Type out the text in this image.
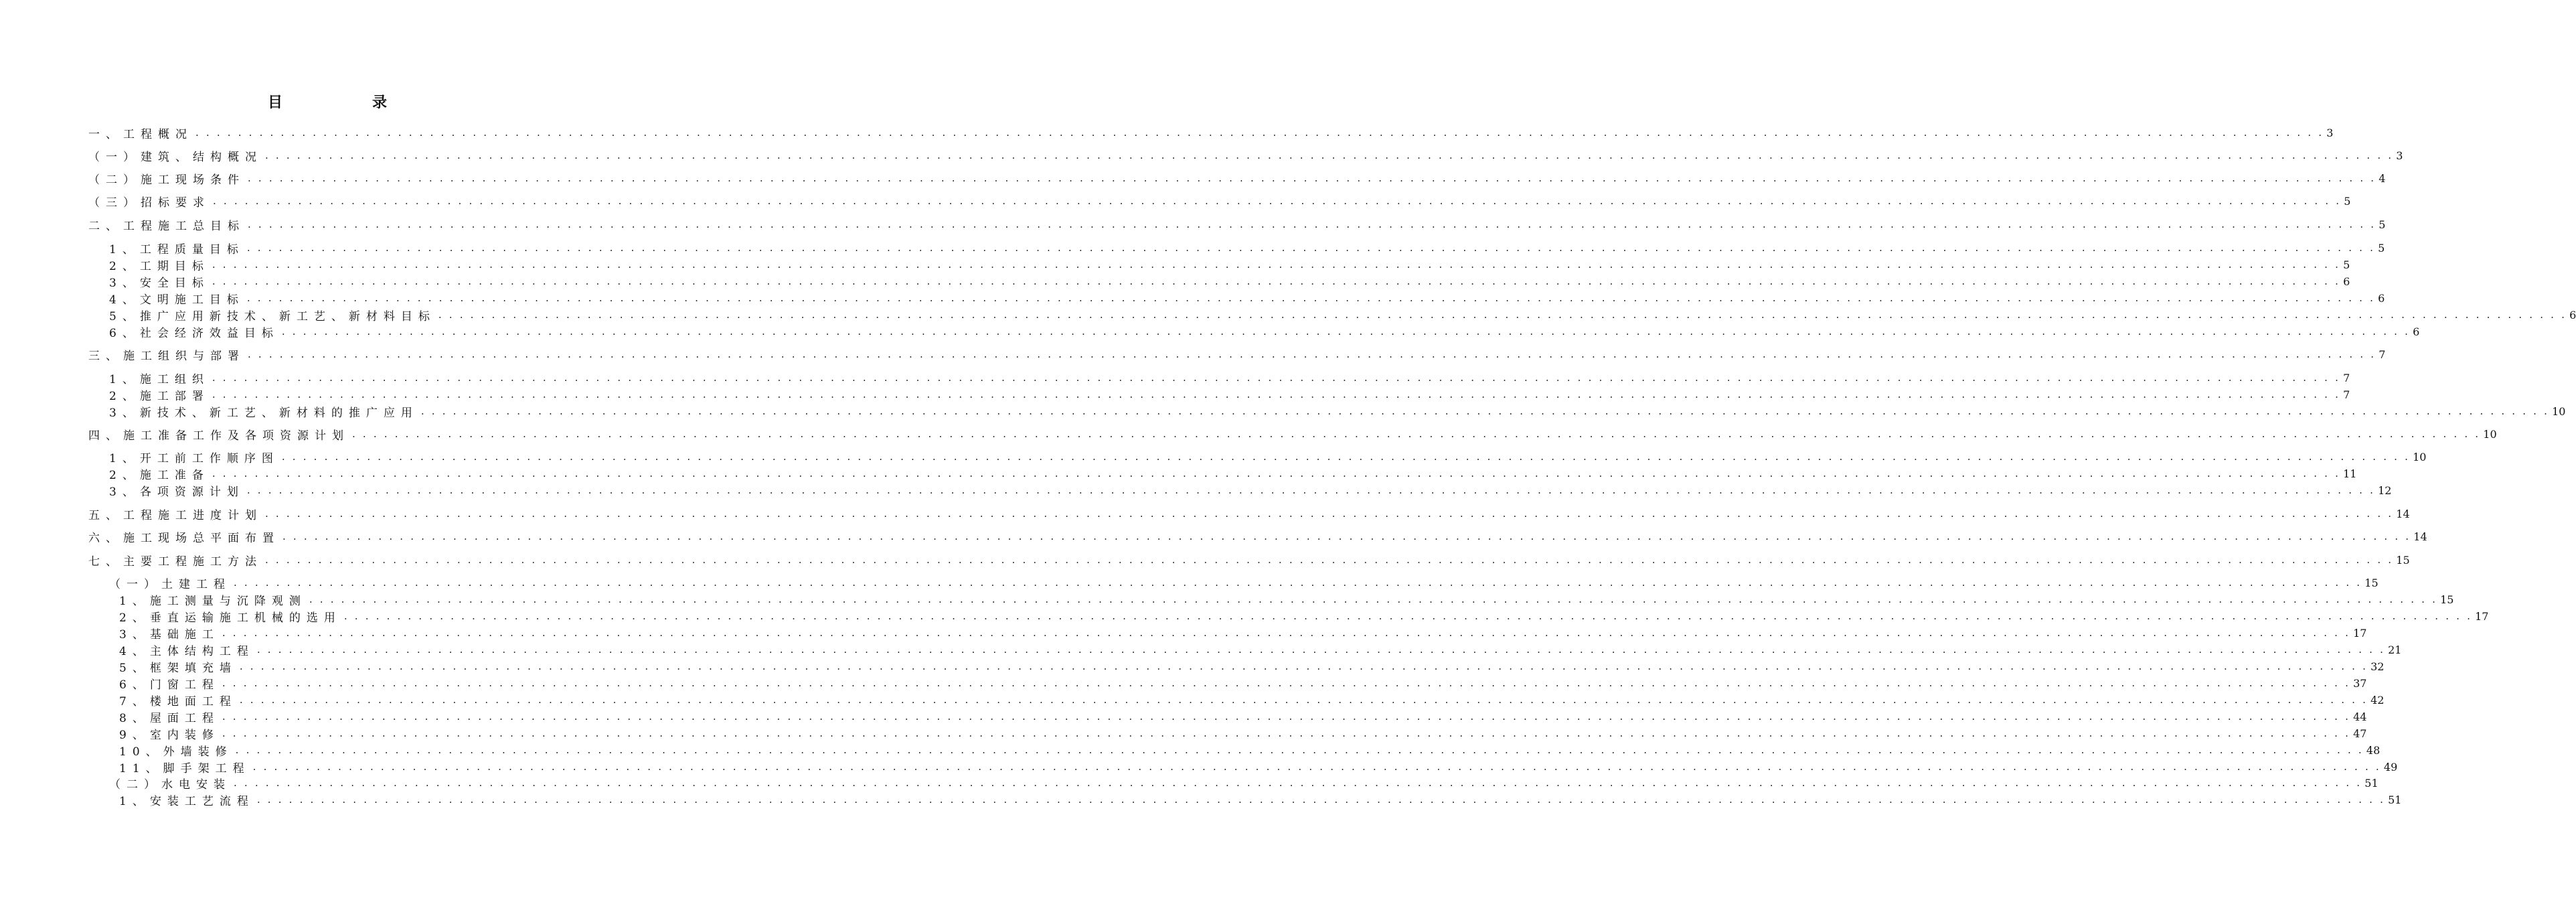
目	录
一、工程概况 . . . . . . . . . . . . . . . . . . . . . . . . . . . . . . . . . . . . . . . . . . . . . . . . . . . . . . . . . . . . . . . . . . . . . . . . . . . . . . . . . . . . . . . . . . . . . . . . . . . . . . . . . . . . . . . . . . . . . . . . . . . . . . . . . . . . . . . . . . . . . . . . . . . . . . . . . . . . . . . . . . . . . . . . . . . . . . . . . . . . . . . . . . . . . . . . . . . . . . . . 3
（一）建筑、结构概况 . . . . . . . . . . . . . . . . . . . . . . . . . . . . . . . . . . . . . . . . . . . . . . . . . . . . . . . . . . . . . . . . . . . . . . . . . . . . . . . . . . . . . . . . . . . . . . . . . . . . . . . . . . . . . . . . . . . . . . . . . . . . . . . . . . . . . . . . . . . . . . . . . . . . . . . . . . . . . . . . . . . . . . . . . . . . . . . . . . . . . . . . . . . . . . . . . . . . . . . . 3
（二）施工现场条件 . . . . . . . . . . . . . . . . . . . . . . . . . . . . . . . . . . . . . . . . . . . . . . . . . . . . . . . . . . . . . . . . . . . . . . . . . . . . . . . . . . . . . . . . . . . . . . . . . . . . . . . . . . . . . . . . . . . . . . . . . . . . . . . . . . . . . . . . . . . . . . . . . . . . . . . . . . . . . . . . . . . . . . . . . . . . . . . . . . . . . . . . . . . . . . . . . . . . . . . . 4
（三）招标要求 . . . . . . . . . . . . . . . . . . . . . . . . . . . . . . . . . . . . . . . . . . . . . . . . . . . . . . . . . . . . . . . . . . . . . . . . . . . . . . . . . . . . . . . . . . . . . . . . . . . . . . . . . . . . . . . . . . . . . . . . . . . . . . . . . . . . . . . . . . . . . . . . . . . . . . . . . . . . . . . . . . . . . . . . . . . . . . . . . . . . . . . . . . . . . . . . . . . . . . . . 5
二、工程施工总目标 . . . . . . . . . . . . . . . . . . . . . . . . . . . . . . . . . . . . . . . . . . . . . . . . . . . . . . . . . . . . . . . . . . . . . . . . . . . . . . . . . . . . . . . . . . . . . . . . . . . . . . . . . . . . . . . . . . . . . . . . . . . . . . . . . . . . . . . . . . . . . . . . . . . . . . . . . . . . . . . . . . . . . . . . . . . . . . . . . . . . . . . . . . . . . . . . . . . . . . . . 5
1、工程质量目标 . . . . . . . . . . . . . . . . . . . . . . . . . . . . . . . . . . . . . . . . . . . . . . . . . . . . . . . . . . . . . . . . . . . . . . . . . . . . . . . . . . . . . . . . . . . . . . . . . . . . . . . . . . . . . . . . . . . . . . . . . . . . . . . . . . . . . . . . . . . . . . . . . . . . . . . . . . . . . . . . . . . . . . . . . . . . . . . . . . . . . . . . . . . . . . . . . . . . . . . . 5
2、工期目标 . . . . . . . . . . . . . . . . . . . . . . . . . . . . . . . . . . . . . . . . . . . . . . . . . . . . . . . . . . . . . . . . . . . . . . . . . . . . . . . . . . . . . . . . . . . . . . . . . . . . . . . . . . . . . . . . . . . . . . . . . . . . . . . . . . . . . . . . . . . . . . . . . . . . . . . . . . . . . . . . . . . . . . . . . . . . . . . . . . . . . . . . . . . . . . . . . . . . . . . . 5
3、安全目标 . . . . . . . . . . . . . . . . . . . . . . . . . . . . . . . . . . . . . . . . . . . . . . . . . . . . . . . . . . . . . . . . . . . . . . . . . . . . . . . . . . . . . . . . . . . . . . . . . . . . . . . . . . . . . . . . . . . . . . . . . . . . . . . . . . . . . . . . . . . . . . . . . . . . . . . . . . . . . . . . . . . . . . . . . . . . . . . . . . . . . . . . . . . . . . . . . . . . . . . . 6
4、文明施工目标 . . . . . . . . . . . . . . . . . . . . . . . . . . . . . . . . . . . . . . . . . . . . . . . . . . . . . . . . . . . . . . . . . . . . . . . . . . . . . . . . . . . . . . . . . . . . . . . . . . . . . . . . . . . . . . . . . . . . . . . . . . . . . . . . . . . . . . . . . . . . . . . . . . . . . . . . . . . . . . . . . . . . . . . . . . . . . . . . . . . . . . . . . . . . . . . . . . . . . . . . 6
5、推广应用新技术、新工艺、新材料目标 . . . . . . . . . . . . . . . . . . . . . . . . . . . . . . . . . . . . . . . . . . . . . . . . . . . . . . . . . . . . . . . . . . . . . . . . . . . . . . . . . . . . . . . . . . . . . . . . . . . . . . . . . . . . . . . . . . . . . . . . . . . . . . . . . . . . . . . . . . . . . . . . . . . . . . . . . . . . . . . . . . . . . . . . . . . . . . . . . . . . . . . . . . . . . . . . . . . . . . . . 6
6、社会经济效益目标 . . . . . . . . . . . . . . . . . . . . . . . . . . . . . . . . . . . . . . . . . . . . . . . . . . . . . . . . . . . . . . . . . . . . . . . . . . . . . . . . . . . . . . . . . . . . . . . . . . . . . . . . . . . . . . . . . . . . . . . . . . . . . . . . . . . . . . . . . . . . . . . . . . . . . . . . . . . . . . . . . . . . . . . . . . . . . . . . . . . . . . . . . . . . . . . . . . . . . . . . 6
三、施工组织与部署 . . . . . . . . . . . . . . . . . . . . . . . . . . . . . . . . . . . . . . . . . . . . . . . . . . . . . . . . . . . . . . . . . . . . . . . . . . . . . . . . . . . . . . . . . . . . . . . . . . . . . . . . . . . . . . . . . . . . . . . . . . . . . . . . . . . . . . . . . . . . . . . . . . . . . . . . . . . . . . . . . . . . . . . . . . . . . . . . . . . . . . . . . . . . . . . . . . . . . . . . 7
1、施工组织 . . . . . . . . . . . . . . . . . . . . . . . . . . . . . . . . . . . . . . . . . . . . . . . . . . . . . . . . . . . . . . . . . . . . . . . . . . . . . . . . . . . . . . . . . . . . . . . . . . . . . . . . . . . . . . . . . . . . . . . . . . . . . . . . . . . . . . . . . . . . . . . . . . . . . . . . . . . . . . . . . . . . . . . . . . . . . . . . . . . . . . . . . . . . . . . . . . . . . . . . 7
2、施工部署 . . . . . . . . . . . . . . . . . . . . . . . . . . . . . . . . . . . . . . . . . . . . . . . . . . . . . . . . . . . . . . . . . . . . . . . . . . . . . . . . . . . . . . . . . . . . . . . . . . . . . . . . . . . . . . . . . . . . . . . . . . . . . . . . . . . . . . . . . . . . . . . . . . . . . . . . . . . . . . . . . . . . . . . . . . . . . . . . . . . . . . . . . . . . . . . . . . . . . . . . 7
3、新技术、新工艺、新材料的推广应用 . . . . . . . . . . . . . . . . . . . . . . . . . . . . . . . . . . . . . . . . . . . . . . . . . . . . . . . . . . . . . . . . . . . . . . . . . . . . . . . . . . . . . . . . . . . . . . . . . . . . . . . . . . . . . . . . . . . . . . . . . . . . . . . . . . . . . . . . . . . . . . . . . . . . . . . . . . . . . . . . . . . . . . . . . . . . . . . . . . . . . . . . . . . . . . . . . . . . . . . . 10
四、施工准备工作及各项资源计划 . . . . . . . . . . . . . . . . . . . . . . . . . . . . . . . . . . . . . . . . . . . . . . . . . . . . . . . . . . . . . . . . . . . . . . . . . . . . . . . . . . . . . . . . . . . . . . . . . . . . . . . . . . . . . . . . . . . . . . . . . . . . . . . . . . . . . . . . . . . . . . . . . . . . . . . . . . . . . . . . . . . . . . . . . . . . . . . . . . . . . . . . . . . . . . . . . . . . . . . . 10
1、开工前工作顺序图 . . . . . . . . . . . . . . . . . . . . . . . . . . . . . . . . . . . . . . . . . . . . . . . . . . . . . . . . . . . . . . . . . . . . . . . . . . . . . . . . . . . . . . . . . . . . . . . . . . . . . . . . . . . . . . . . . . . . . . . . . . . . . . . . . . . . . . . . . . . . . . . . . . . . . . . . . . . . . . . . . . . . . . . . . . . . . . . . . . . . . . . . . . . . . . . . . . . . . . . . 10
2、施工准备 . . . . . . . . . . . . . . . . . . . . . . . . . . . . . . . . . . . . . . . . . . . . . . . . . . . . . . . . . . . . . . . . . . . . . . . . . . . . . . . . . . . . . . . . . . . . . . . . . . . . . . . . . . . . . . . . . . . . . . . . . . . . . . . . . . . . . . . . . . . . . . . . . . . . . . . . . . . . . . . . . . . . . . . . . . . . . . . . . . . . . . . . . . . . . . . . . . . . . . . . 11
3、各项资源计划 . . . . . . . . . . . . . . . . . . . . . . . . . . . . . . . . . . . . . . . . . . . . . . . . . . . . . . . . . . . . . . . . . . . . . . . . . . . . . . . . . . . . . . . . . . . . . . . . . . . . . . . . . . . . . . . . . . . . . . . . . . . . . . . . . . . . . . . . . . . . . . . . . . . . . . . . . . . . . . . . . . . . . . . . . . . . . . . . . . . . . . . . . . . . . . . . . . . . . . . . 12
五、工程施工进度计划 . . . . . . . . . . . . . . . . . . . . . . . . . . . . . . . . . . . . . . . . . . . . . . . . . . . . . . . . . . . . . . . . . . . . . . . . . . . . . . . . . . . . . . . . . . . . . . . . . . . . . . . . . . . . . . . . . . . . . . . . . . . . . . . . . . . . . . . . . . . . . . . . . . . . . . . . . . . . . . . . . . . . . . . . . . . . . . . . . . . . . . . . . . . . . . . . . . . . . . . . 14
六、施工现场总平面布置 . . . . . . . . . . . . . . . . . . . . . . . . . . . . . . . . . . . . . . . . . . . . . . . . . . . . . . . . . . . . . . . . . . . . . . . . . . . . . . . . . . . . . . . . . . . . . . . . . . . . . . . . . . . . . . . . . . . . . . . . . . . . . . . . . . . . . . . . . . . . . . . . . . . . . . . . . . . . . . . . . . . . . . . . . . . . . . . . . . . . . . . . . . . . . . . . . . . . . . . . 14
七、主要工程施工方法 . . . . . . . . . . . . . . . . . . . . . . . . . . . . . . . . . . . . . . . . . . . . . . . . . . . . . . . . . . . . . . . . . . . . . . . . . . . . . . . . . . . . . . . . . . . . . . . . . . . . . . . . . . . . . . . . . . . . . . . . . . . . . . . . . . . . . . . . . . . . . . . . . . . . . . . . . . . . . . . . . . . . . . . . . . . . . . . . . . . . . . . . . . . . . . . . . . . . . . . . 15
（一）土建工程 . . . . . . . . . . . . . . . . . . . . . . . . . . . . . . . . . . . . . . . . . . . . . . . . . . . . . . . . . . . . . . . . . . . . . . . . . . . . . . . . . . . . . . . . . . . . . . . . . . . . . . . . . . . . . . . . . . . . . . . . . . . . . . . . . . . . . . . . . . . . . . . . . . . . . . . . . . . . . . . . . . . . . . . . . . . . . . . . . . . . . . . . . . . . . . . . . . . . . . . . 15
1、施工测量与沉降观测 . . . . . . . . . . . . . . . . . . . . . . . . . . . . . . . . . . . . . . . . . . . . . . . . . . . . . . . . . . . . . . . . . . . . . . . . . . . . . . . . . . . . . . . . . . . . . . . . . . . . . . . . . . . . . . . . . . . . . . . . . . . . . . . . . . . . . . . . . . . . . . . . . . . . . . . . . . . . . . . . . . . . . . . . . . . . . . . . . . . . . . . . . . . . . . . . . . . . . . . . 15
2、垂直运输施工机械的选用 . . . . . . . . . . . . . . . . . . . . . . . . . . . . . . . . . . . . . . . . . . . . . . . . . . . . . . . . . . . . . . . . . . . . . . . . . . . . . . . . . . . . . . . . . . . . . . . . . . . . . . . . . . . . . . . . . . . . . . . . . . . . . . . . . . . . . . . . . . . . . . . . . . . . . . . . . . . . . . . . . . . . . . . . . . . . . . . . . . . . . . . . . . . . . . . . . . . . . . . . 17
3、基础施工 . . . . . . . . . . . . . . . . . . . . . . . . . . . . . . . . . . . . . . . . . . . . . . . . . . . . . . . . . . . . . . . . . . . . . . . . . . . . . . . . . . . . . . . . . . . . . . . . . . . . . . . . . . . . . . . . . . . . . . . . . . . . . . . . . . . . . . . . . . . . . . . . . . . . . . . . . . . . . . . . . . . . . . . . . . . . . . . . . . . . . . . . . . . . . . . . . . . . . . . . 17
4、主体结构工程 . . . . . . . . . . . . . . . . . . . . . . . . . . . . . . . . . . . . . . . . . . . . . . . . . . . . . . . . . . . . . . . . . . . . . . . . . . . . . . . . . . . . . . . . . . . . . . . . . . . . . . . . . . . . . . . . . . . . . . . . . . . . . . . . . . . . . . . . . . . . . . . . . . . . . . . . . . . . . . . . . . . . . . . . . . . . . . . . . . . . . . . . . . . . . . . . . . . . . . . . 21
5、框架填充墙 . . . . . . . . . . . . . . . . . . . . . . . . . . . . . . . . . . . . . . . . . . . . . . . . . . . . . . . . . . . . . . . . . . . . . . . . . . . . . . . . . . . . . . . . . . . . . . . . . . . . . . . . . . . . . . . . . . . . . . . . . . . . . . . . . . . . . . . . . . . . . . . . . . . . . . . . . . . . . . . . . . . . . . . . . . . . . . . . . . . . . . . . . . . . . . . . . . . . . . . . 32
6、门窗工程 . . . . . . . . . . . . . . . . . . . . . . . . . . . . . . . . . . . . . . . . . . . . . . . . . . . . . . . . . . . . . . . . . . . . . . . . . . . . . . . . . . . . . . . . . . . . . . . . . . . . . . . . . . . . . . . . . . . . . . . . . . . . . . . . . . . . . . . . . . . . . . . . . . . . . . . . . . . . . . . . . . . . . . . . . . . . . . . . . . . . . . . . . . . . . . . . . . . . . . . . 37
7、楼地面工程 . . . . . . . . . . . . . . . . . . . . . . . . . . . . . . . . . . . . . . . . . . . . . . . . . . . . . . . . . . . . . . . . . . . . . . . . . . . . . . . . . . . . . . . . . . . . . . . . . . . . . . . . . . . . . . . . . . . . . . . . . . . . . . . . . . . . . . . . . . . . . . . . . . . . . . . . . . . . . . . . . . . . . . . . . . . . . . . . . . . . . . . . . . . . . . . . . . . . . . . . 42
8、屋面工程 . . . . . . . . . . . . . . . . . . . . . . . . . . . . . . . . . . . . . . . . . . . . . . . . . . . . . . . . . . . . . . . . . . . . . . . . . . . . . . . . . . . . . . . . . . . . . . . . . . . . . . . . . . . . . . . . . . . . . . . . . . . . . . . . . . . . . . . . . . . . . . . . . . . . . . . . . . . . . . . . . . . . . . . . . . . . . . . . . . . . . . . . . . . . . . . . . . . . . . . . 44
9、室内装修 . . . . . . . . . . . . . . . . . . . . . . . . . . . . . . . . . . . . . . . . . . . . . . . . . . . . . . . . . . . . . . . . . . . . . . . . . . . . . . . . . . . . . . . . . . . . . . . . . . . . . . . . . . . . . . . . . . . . . . . . . . . . . . . . . . . . . . . . . . . . . . . . . . . . . . . . . . . . . . . . . . . . . . . . . . . . . . . . . . . . . . . . . . . . . . . . . . . . . . . . 47
10、外墙装修 . . . . . . . . . . . . . . . . . . . . . . . . . . . . . . . . . . . . . . . . . . . . . . . . . . . . . . . . . . . . . . . . . . . . . . . . . . . . . . . . . . . . . . . . . . . . . . . . . . . . . . . . . . . . . . . . . . . . . . . . . . . . . . . . . . . . . . . . . . . . . . . . . . . . . . . . . . . . . . . . . . . . . . . . . . . . . . . . . . . . . . . . . . . . . . . . . . . . . . . . 48
11、脚手架工程 . . . . . . . . . . . . . . . . . . . . . . . . . . . . . . . . . . . . . . . . . . . . . . . . . . . . . . . . . . . . . . . . . . . . . . . . . . . . . . . . . . . . . . . . . . . . . . . . . . . . . . . . . . . . . . . . . . . . . . . . . . . . . . . . . . . . . . . . . . . . . . . . . . . . . . . . . . . . . . . . . . . . . . . . . . . . . . . . . . . . . . . . . . . . . . . . . . . . . . . . 49
（二）水电安装 . . . . . . . . . . . . . . . . . . . . . . . . . . . . . . . . . . . . . . . . . . . . . . . . . . . . . . . . . . . . . . . . . . . . . . . . . . . . . . . . . . . . . . . . . . . . . . . . . . . . . . . . . . . . . . . . . . . . . . . . . . . . . . . . . . . . . . . . . . . . . . . . . . . . . . . . . . . . . . . . . . . . . . . . . . . . . . . . . . . . . . . . . . . . . . . . . . . . . . . . 51
1、安装工艺流程 . . . . . . . . . . . . . . . . . . . . . . . . . . . . . . . . . . . . . . . . . . . . . . . . . . . . . . . . . . . . . . . . . . . . . . . . . . . . . . . . . . . . . . . . . . . . . . . . . . . . . . . . . . . . . . . . . . . . . . . . . . . . . . . . . . . . . . . . . . . . . . . . . . . . . . . . . . . . . . . . . . . . . . . . . . . . . . . . . . . . . . . . . . . . . . . . . . . . . . . . 51
